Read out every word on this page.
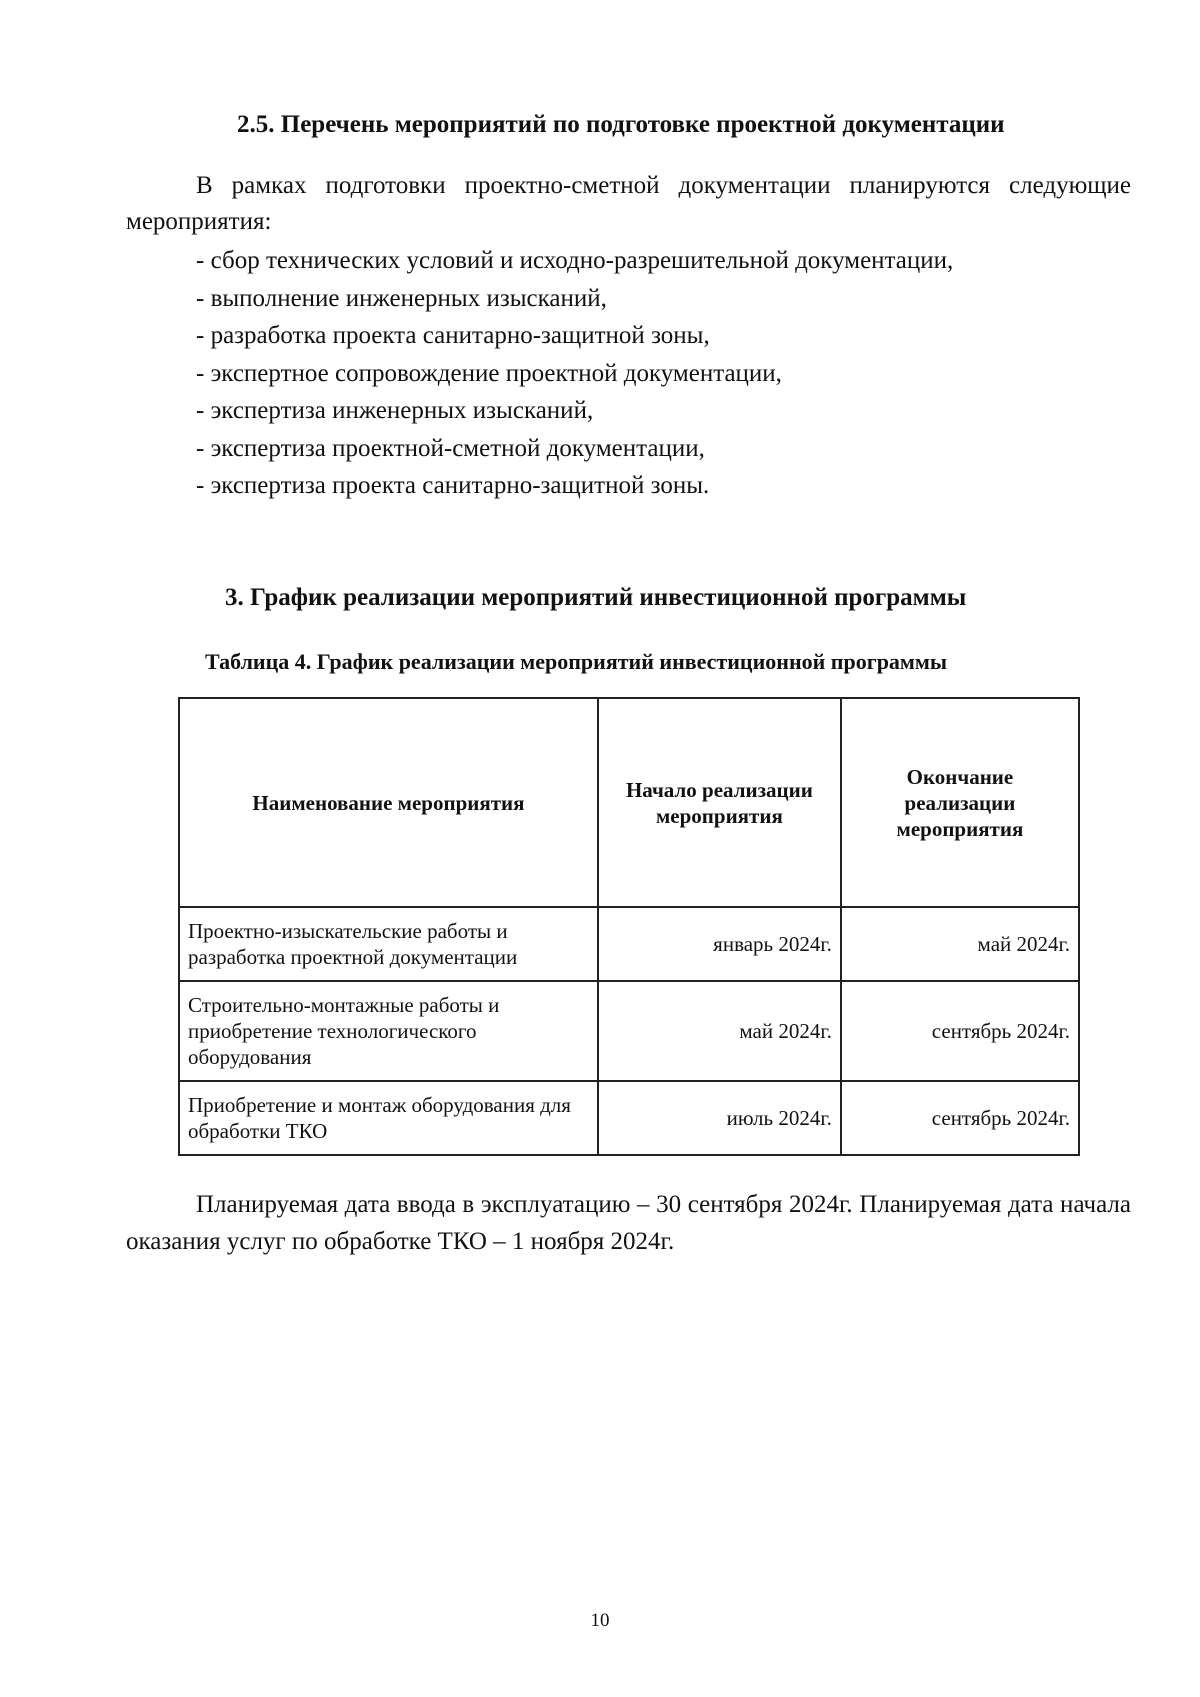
2.5. Перечень мероприятий по подготовке проектной документации

В рамках подготовки проектно-сметной документации планируются следующие мероприятия:

- сбор технических условий и исходно-разрешительной документации,
- выполнение инженерных изысканий,
- разработка проекта санитарно-защитной зоны,
- экспертное сопровождение проектной документации,
- экспертиза инженерных изысканий,
- экспертиза проектной-сметной документации,
- экспертиза проекта санитарно-защитной зоны.
3. График реализации мероприятий инвестиционной программы
Таблица 4. График реализации мероприятий инвестиционной программы
Наименование мероприятия	Начало реализации мероприятия	Окончание реализации мероприятия
Проектно-изыскательские работы и разработка проектной документации	январь 2024г.	май 2024г.
Строительно-монтажные работы и приобретение технологического оборудования	май 2024г.	сентябрь 2024г.
Приобретение и монтаж оборудования для обработки ТКО	июль 2024г.	сентябрь 2024г.

Планируемая дата ввода в эксплуатацию – 30 сентября 2024г. Планируемая дата начала оказания услуг по обработке ТКО – 1 ноября 2024г.

10
